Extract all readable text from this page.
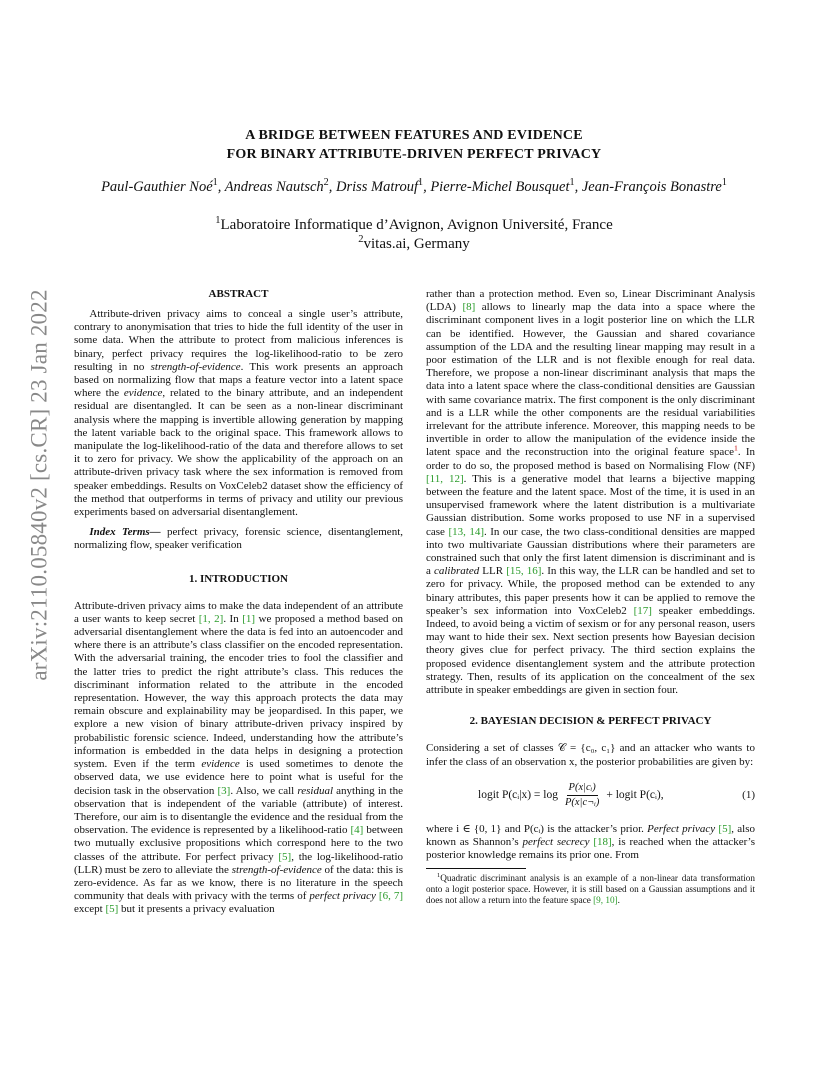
arXiv:2110.05840v2 [cs.CR] 23 Jan 2022
A BRIDGE BETWEEN FEATURES AND EVIDENCE
FOR BINARY ATTRIBUTE-DRIVEN PERFECT PRIVACY
Paul-Gauthier Noé$^1$, Andreas Nautsch$^2$, Driss Matrouf$^1$, Pierre-Michel Bousquet$^1$, Jean-François Bonastre$^1$
$^1$Laboratoire Informatique d’Avignon, Avignon Université, France
$^2$vitas.ai, Germany
ABSTRACT

Attribute-driven privacy aims to conceal a single user’s attribute, contrary to anonymisation that tries to hide the full identity of the user in some data. When the attribute to protect from malicious inferences is binary, perfect privacy requires the log-likelihood-ratio to be zero resulting in no strength-of-evidence. This work presents an approach based on normalizing flow that maps a feature vector into a latent space where the evidence, related to the binary attribute, and an independent residual are disentangled. It can be seen as a non-linear discriminant analysis where the mapping is invertible allowing generation by mapping the latent variable back to the original space. This framework allows to manipulate the log-likelihood-ratio of the data and therefore allows to set it to zero for privacy. We show the applicability of the approach on an attribute-driven privacy task where the sex information is removed from speaker embeddings. Results on VoxCeleb2 dataset show the efficiency of the method that outperforms in terms of privacy and utility our previous experiments based on adversarial disentanglement.

Index Terms— perfect privacy, forensic science, disentanglement, normalizing flow, speaker verification

1. INTRODUCTION

Attribute-driven privacy aims to make the data independent of an attribute a user wants to keep secret [1, 2]. In [1] we proposed a method based on adversarial disentanglement where the data is fed into an autoencoder and where there is an attribute’s class classifier on the encoded representation. With the adversarial training, the encoder tries to fool the classifier and the latter tries to predict the right attribute’s class. This reduces the discriminant information related to the attribute in the encoded representation. However, the way this approach protects the data may remain obscure and explainability may be jeopardised. In this paper, we explore a new vision of binary attribute-driven privacy inspired by probabilistic forensic science. Indeed, understanding how the attribute’s information is embedded in the data helps in designing a protection system. Even if the term evidence is used sometimes to denote the observed data, we use evidence here to point what is useful for the decision task in the observation [3]. Also, we call residual anything in the observation that is independent of the variable (attribute) of interest. Therefore, our aim is to disentangle the evidence and the residual from the observation. The evidence is represented by a likelihood-ratio [4] between two mutually exclusive propositions which correspond here to the two classes of the attribute. For perfect privacy [5], the log-likelihood-ratio (LLR) must be zero to alleviate the strength-of-evidence of the data: this is zero-evidence. As far as we know, there is no literature in the speech community that deals with privacy with the terms of perfect privacy [6, 7] except [5] but it presents a privacy evaluation

rather than a protection method. Even so, Linear Discriminant Analysis (LDA) [8] allows to linearly map the data into a space where the discriminant component lives in a logit posterior line on which the LLR can be identified. However, the Gaussian and shared covariance assumption of the LDA and the resulting linear mapping may result in a poor estimation of the LLR and is not flexible enough for real data. Therefore, we propose a non-linear discriminant analysis that maps the data into a latent space where the class-conditional densities are Gaussian with same covariance matrix. The first component is the only discriminant and is a LLR while the other components are the residual variabilities irrelevant for the attribute inference. Moreover, this mapping needs to be invertible in order to allow the manipulation of the evidence inside the latent space and the reconstruction into the original feature space$^1$. In order to do so, the proposed method is based on Normalising Flow (NF) [11, 12]. This is a generative model that learns a bijective mapping between the feature and the latent space. Most of the time, it is used in an unsupervised framework where the latent distribution is a multivariate Gaussian distribution. Some works proposed to use NF in a supervised case [13, 14]. In our case, the two class-conditional densities are mapped into two multivariate Gaussian distributions where their parameters are constrained such that only the first latent dimension is discriminant and is a calibrated LLR [15, 16]. In this way, the LLR can be handled and set to zero for privacy. While, the proposed method can be extended to any binary attributes, this paper presents how it can be applied to remove the speaker’s sex information into VoxCeleb2 [17] speaker embeddings. Indeed, to avoid being a victim of sexism or for any personal reason, users may want to hide their sex. Next section presents how Bayesian decision theory gives clue for perfect privacy. The third section explains the proposed evidence disentanglement system and the attribute protection strategy. Then, results of its application on the concealment of the sex attribute in speaker embeddings are given in section four.

2. BAYESIAN DECISION & PERFECT PRIVACY

Considering a set of classes 𝒞 = {c₀, c₁} and an attacker who wants to infer the class of an observation x, the posterior probabilities are given by:

logit P(cᵢ|x) = $\log \frac{\text{P(x|cᵢ)}}{\text{P(x|c¬ᵢ)}}$ + logit P(cᵢ),	(1)

where i ∈ {0, 1} and P(cᵢ) is the attacker’s prior. Perfect privacy [5], also known as Shannon’s perfect secrecy [18], is reached when the attacker’s posterior knowledge remains its prior one. From

$^1$Quadratic discriminant analysis is an example of a non-linear data transformation onto a logit posterior space. However, it is still based on a Gaussian assumptions and it does not allow a return into the feature space [9, 10].
